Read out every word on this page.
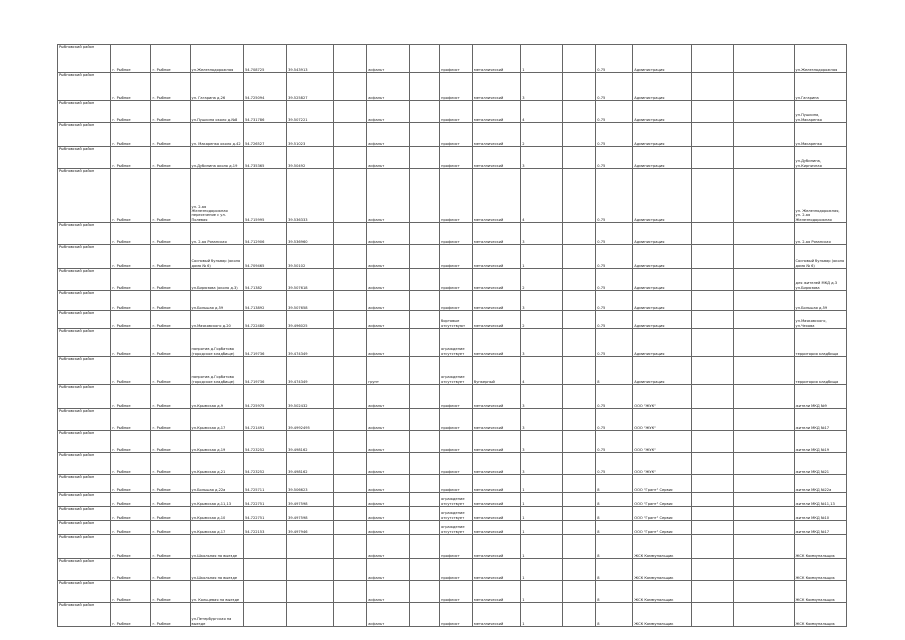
Рыбновский район	г. Рыбное	г. Рыбное	ул.Железнодорожная	54.708725	39.543913		асфальт		профлист	металлический	1		0.75	Администрация			ул.Железнодорожная
Рыбновский район	г. Рыбное	г. Рыбное	ул. Гагарина д.26	54.725094	39.525827		асфальт		профлист	металлический	3		0.75	Администрация			ул.Гагарина
Рыбновский район	г. Рыбное	г. Рыбное	ул.Пушкина около д.№8	54.731786	39.507221		асфальт		профлист	металлический	4		0.75	Администрация			ул.Пушкина, ул.Макаренко
Рыбновский район	г. Рыбное	г. Рыбное	ул. Макаренко около д.42	54.726527	39.51023		асфальт		профлист	металлический	2		0.75	Администрация			ул.Макаренко
Рыбновский район	г. Рыбное	г. Рыбное	ул.Дубинина около д.19	54.735365	39.50492		асфальт		профлист	металлический	3		0.75	Администрация			ул.Дубинина, ул.Кирпичная
Рыбновский район	г. Рыбное	г. Рыбное	ул. 2-ая Железнодорожная пересечение с ул. Полевая	54.715995	39.536333		асфальт		профлист	металлический	4		0.75	Администрация			ул. Железнодорожная, ул. 2-ая Железнодорожная
Рыбновский район	г. Рыбное	г. Рыбное	ул. 2-ая Рязанская	54.712906	39.536960		асфальт		профлист	металлический	3		0.75	Администрация			ул. 2-ая Рязанская
Рыбновский район	г. Рыбное	г. Рыбное	Сосновый бульвар (около дома № 6)	54.709465	39.50102		асфальт		профлист	металлический	1		0.75	Администрация			Сосновый бульвар (около дома № 6)
Рыбновский район	г. Рыбное	г. Рыбное	ул.Бирюзова (около д.3)	54.71382	39.507618		асфальт		профлист	металлический	2		0.75	Администрация			для жителей МКД д.3 ул.Бирюзова
Рыбновский район	г. Рыбное	г. Рыбное	ул.Большая д.59	54.713892	39.507658		асфальт		профлист	металлический	3		0.75	Администрация			ул.Большая д.59
Рыбновский район	г. Рыбное	г. Рыбное	ул.Маяковского д.20	54.722480	39.496025		асфальт		бортовые отсутствуют	металлический	2		0.75	Администрация			ул.Маяковского, ул.Чехова
Рыбновский район	г. Рыбное	г. Рыбное	напротив д.Горбатово (городское кладбище)	54.719736	39.474349		асфальт		ограждение отсутствует	металлический	3		0.75	Администрация			территория кладбища
Рыбновский район	г. Рыбное	г. Рыбное	напротив д.Горбатово (городское кладбище)	54.719736	39.474349		грунт		ограждение отсутствует	бункерный	4		8	Администрация			территория кладбища
Рыбновский район	г. Рыбное	г. Рыбное	ул.Крымская д.9	54.725975	39.502432		асфальт		профлист	металлический	3		0.75	ООО "ЖУК"			жители МКД №9
Рыбновский район	г. Рыбное	г. Рыбное	ул.Крымская д.17	54.721491	39.4992495		асфальт		профлист	металлический	3		0.75	ООО "ЖУК"			жители МКД №17
Рыбновский район	г. Рыбное	г. Рыбное	ул.Крымская д.19	54.723252	39.498162		асфальт		профлист	металлический	3		0.75	ООО "ЖУК"			жители МКД №19
Рыбновский район	г. Рыбное	г. Рыбное	ул.Крымская д.21	54.723252	39.498162		асфальт		профлист	металлический	3		0.75	ООО "ЖУК"			жители МКД №21
Рыбновский район	г. Рыбное	г. Рыбное	ул.Большая д.22а	54.725711	39.506623		асфальт		профлист	металлический	1		8	ООО "Грант" Сервис			жители МКД №22а
Рыбновский район	г. Рыбное	г. Рыбное	ул.Крымская д.11,13	54.722751	39.497598		асфальт		ограждение отсутствует	металлический	1		8	ООО "Грант" Сервис			жители МКД №11,13
Рыбновский район	г. Рыбное	г. Рыбное	ул.Крымская д.10	54.722751	39.497598		асфальт		ограждение отсутствует	металлический	1		8	ООО "Грант" Сервис			жители МКД №10
Рыбновский район	г. Рыбное	г. Рыбное	ул.Крымская д.17	54.722153	39.497946		асфальт		ограждение отсутствует	металлический	1		8	ООО "Грант" Сервис			жители МКД №17
Рыбновский район	г. Рыбное	г. Рыбное	ул.Школьная на выезде				асфальт		профлист	металлический	1		8	ЖСК Коммунальщик			ЖСК Коммунальщик
Рыбновский район	г. Рыбное	г. Рыбное	ул.Школьная на выезде				асфальт		профлист	металлический	1		8	ЖСК Коммунальщик			ЖСК Коммунальщик
Рыбновский район	г. Рыбное	г. Рыбное	ул. Кольцевая на выезде				асфальт		профлист	металлический	1		8	ЖСК Коммунальщик			ЖСК Коммунальщик
Рыбновский район	г. Рыбное	г. Рыбное	ул.Петербургская на выезде				асфальт		профлист	металлический	1		8	ЖСК Коммунальщик			ЖСК Коммунальщик
